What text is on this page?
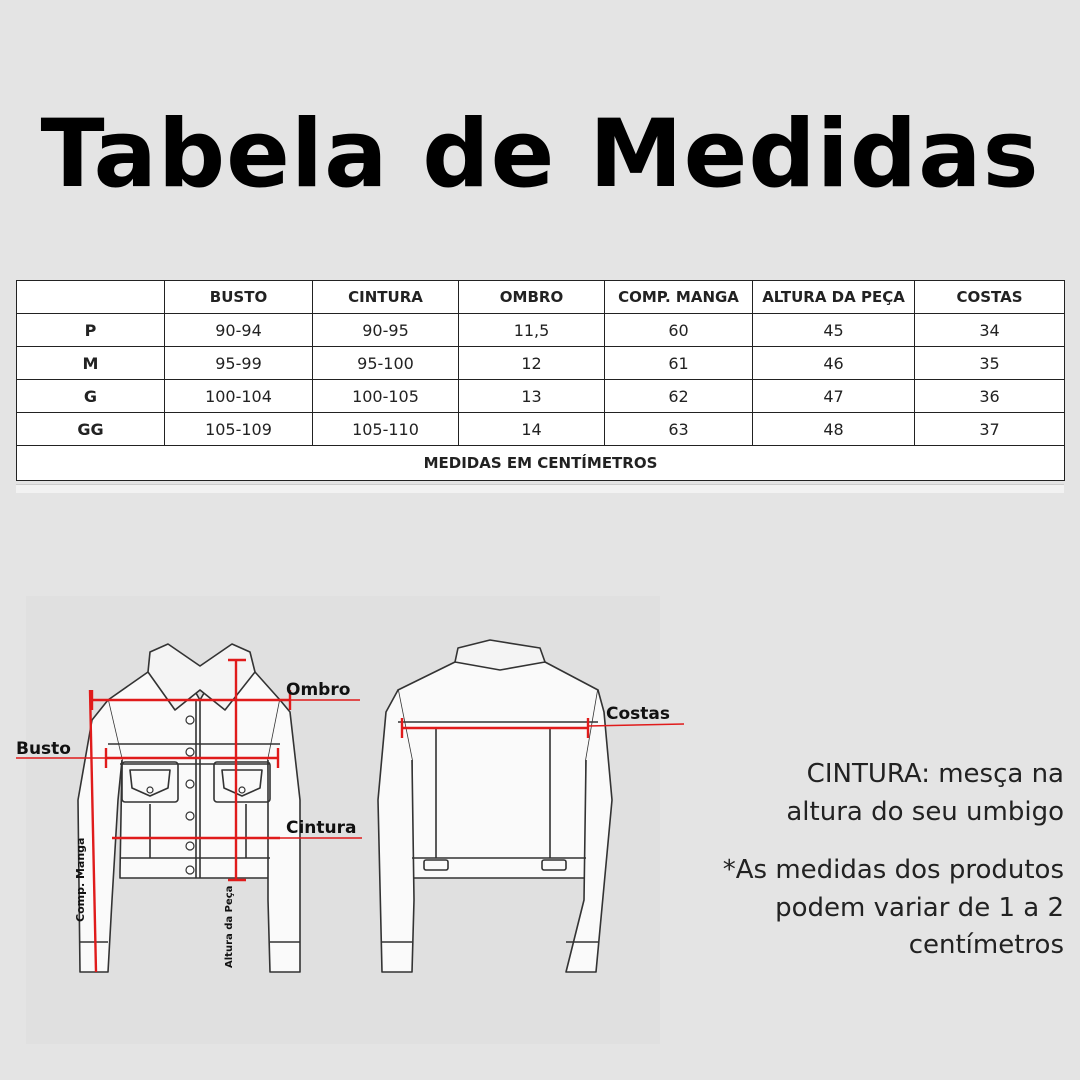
Tabela de Medidas
	BUSTO	CINTURA	OMBRO	COMP. MANGA	ALTURA DA PEÇA	COSTAS
P	90-94	90-95	11,5	60	45	34
M	95-99	95-100	12	61	46	35
G	100-104	100-105	13	62	47	36
GG	105-109	105-110	14	63	48	37
MEDIDAS EM CENTÍMETROS						
Ombro
Busto
Cintura
Costas
Comp. Manga
Altura da Peça
CINTURA: mesça na altura do seu umbigo
*As medidas dos produtos podem variar de 1 a 2 centímetros
